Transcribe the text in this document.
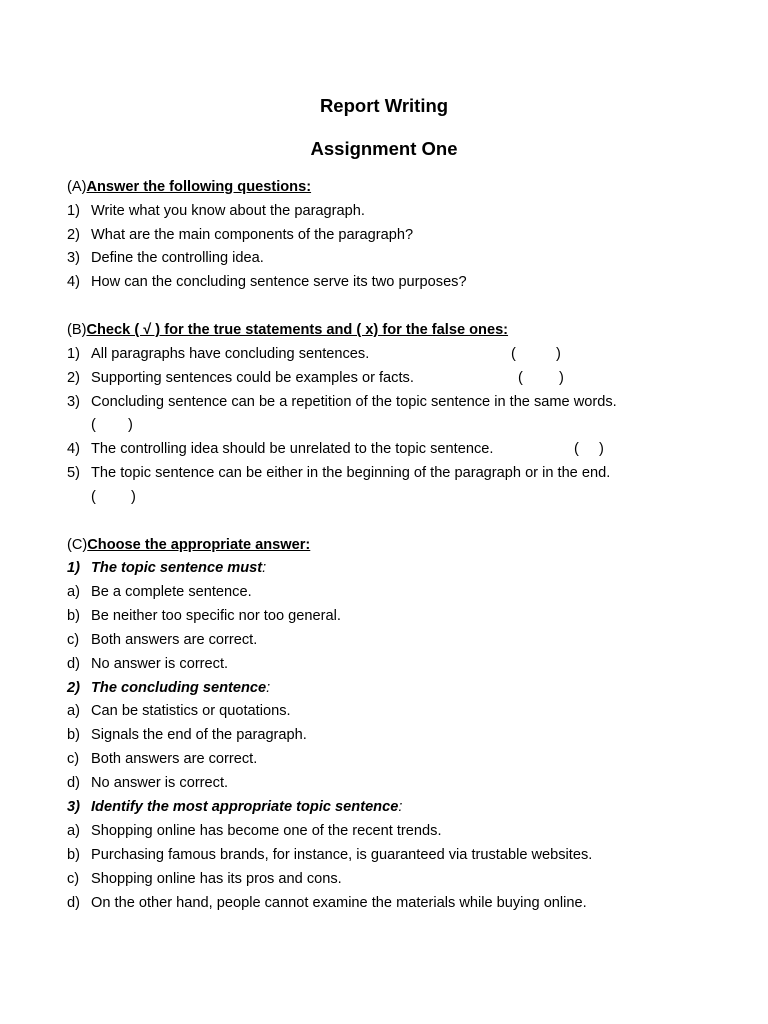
Report Writing
Assignment One
(A)Answer the following questions:
1) Write what you know about the paragraph.
2) What are the main components of the paragraph?
3) Define the controlling idea.
4) How can the concluding sentence serve its two purposes?
(B)Check ( √ ) for the true statements and ( x) for the false ones:
1) All paragraphs have concluding sentences.	(	)
2) Supporting sentences could be examples or facts.	( )
3) Concluding sentence can be a repetition of the topic sentence in the same words.
( )
4) The controlling idea should be unrelated to the topic sentence.	( )
5) The topic sentence can be either in the beginning of the paragraph or in the end.
( )
(C)Choose the appropriate answer:
1) The topic sentence must:
a) Be a complete sentence.
b) Be neither too specific nor too general.
c) Both answers are correct.
d) No answer is correct.
2) The concluding sentence:
a) Can be statistics or quotations.
b) Signals the end of the paragraph.
c) Both answers are correct.
d) No answer is correct.
3) Identify the most appropriate topic sentence:
a) Shopping online has become one of the recent trends.
b) Purchasing famous brands, for instance, is guaranteed via trustable websites.
c) Shopping online has its pros and cons.
d) On the other hand, people cannot examine the materials while buying online.
